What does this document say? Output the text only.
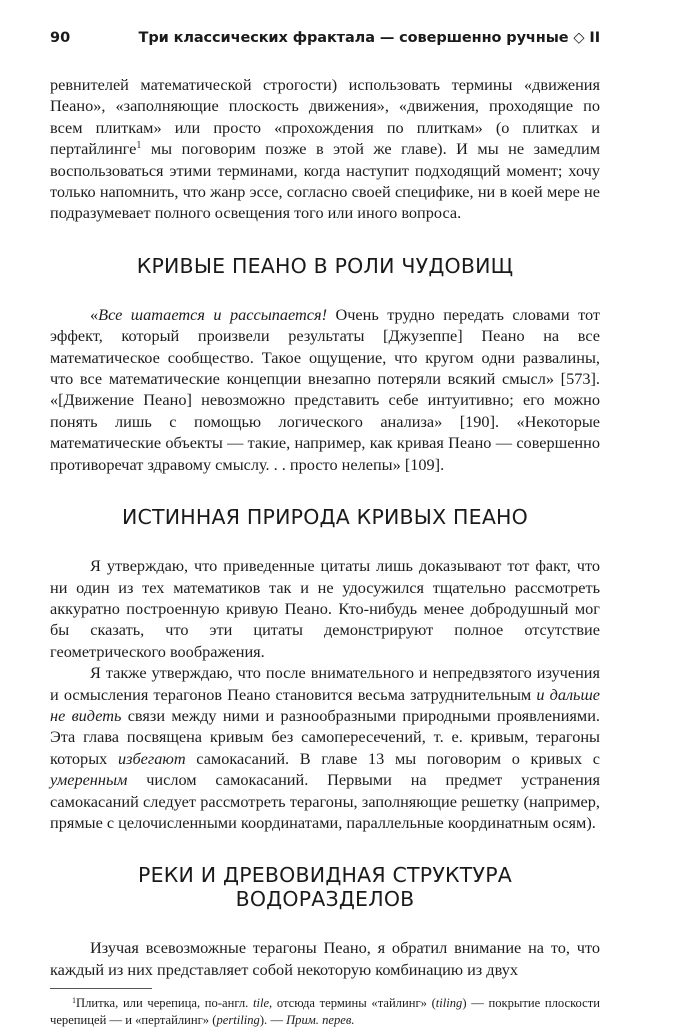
90	Три классических фрактала — совершенно ручные ◇ II

ревнителей математической строгости) использовать термины «движения Пеано», «заполняющие плоскость движения», «движения, проходящие по всем плиткам» или просто «прохождения по плиткам» (о плитках и пертайлинге$^1$ мы поговорим позже в этой же главе). И мы не замедлим воспользоваться этими терминами, когда наступит подходящий момент; хочу только напомнить, что жанр эссе, согласно своей специфике, ни в коей мере не подразумевает полного освещения того или иного вопроса.

КРИВЫЕ ПЕАНО В РОЛИ ЧУДОВИЩ

«Все шатается и рассыпается! Очень трудно передать словами тот эффект, который произвели результаты [Джузеппе] Пеано на все математическое сообщество. Такое ощущение, что кругом одни развалины, что все математические концепции внезапно потеряли всякий смысл» [573]. «[Движение Пеано] невозможно представить себе интуитивно; его можно понять лишь с помощью логического анализа» [190]. «Некоторые математические объекты — такие, например, как кривая Пеано — совершенно противоречат здравому смыслу. . . просто нелепы» [109].

ИСТИННАЯ ПРИРОДА КРИВЫХ ПЕАНО

Я утверждаю, что приведенные цитаты лишь доказывают тот факт, что ни один из тех математиков так и не удосужился тщательно рассмотреть аккуратно построенную кривую Пеано. Кто-нибудь менее добродушный мог бы сказать, что эти цитаты демонстрируют полное отсутствие геометрического воображения.

Я также утверждаю, что после внимательного и непредвзятого изучения и осмысления терагонов Пеано становится весьма затруднительным и дальше не видеть связи между ними и разнообразными природными проявлениями. Эта глава посвящена кривым без самопересечений, т. е. кривым, терагоны которых избегают самокасаний. В главе 13 мы поговорим о кривых с умеренным числом самокасаний. Первыми на предмет устранения самокасаний следует рассмотреть терагоны, заполняющие решетку (например, прямые с целочисленными координатами, параллельные координатным осям).

РЕКИ И ДРЕВОВИДНАЯ СТРУКТУРА ВОДОРАЗДЕЛОВ

Изучая всевозможные терагоны Пеано, я обратил внимание на то, что каждый из них представляет собой некоторую комбинацию из двух

$^1$Плитка, или черепица, по-англ. tile, отсюда термины «тайлинг» (tiling) — покрытие плоскости черепицей — и «пертайлинг» (pertiling). — Прим. перев.
